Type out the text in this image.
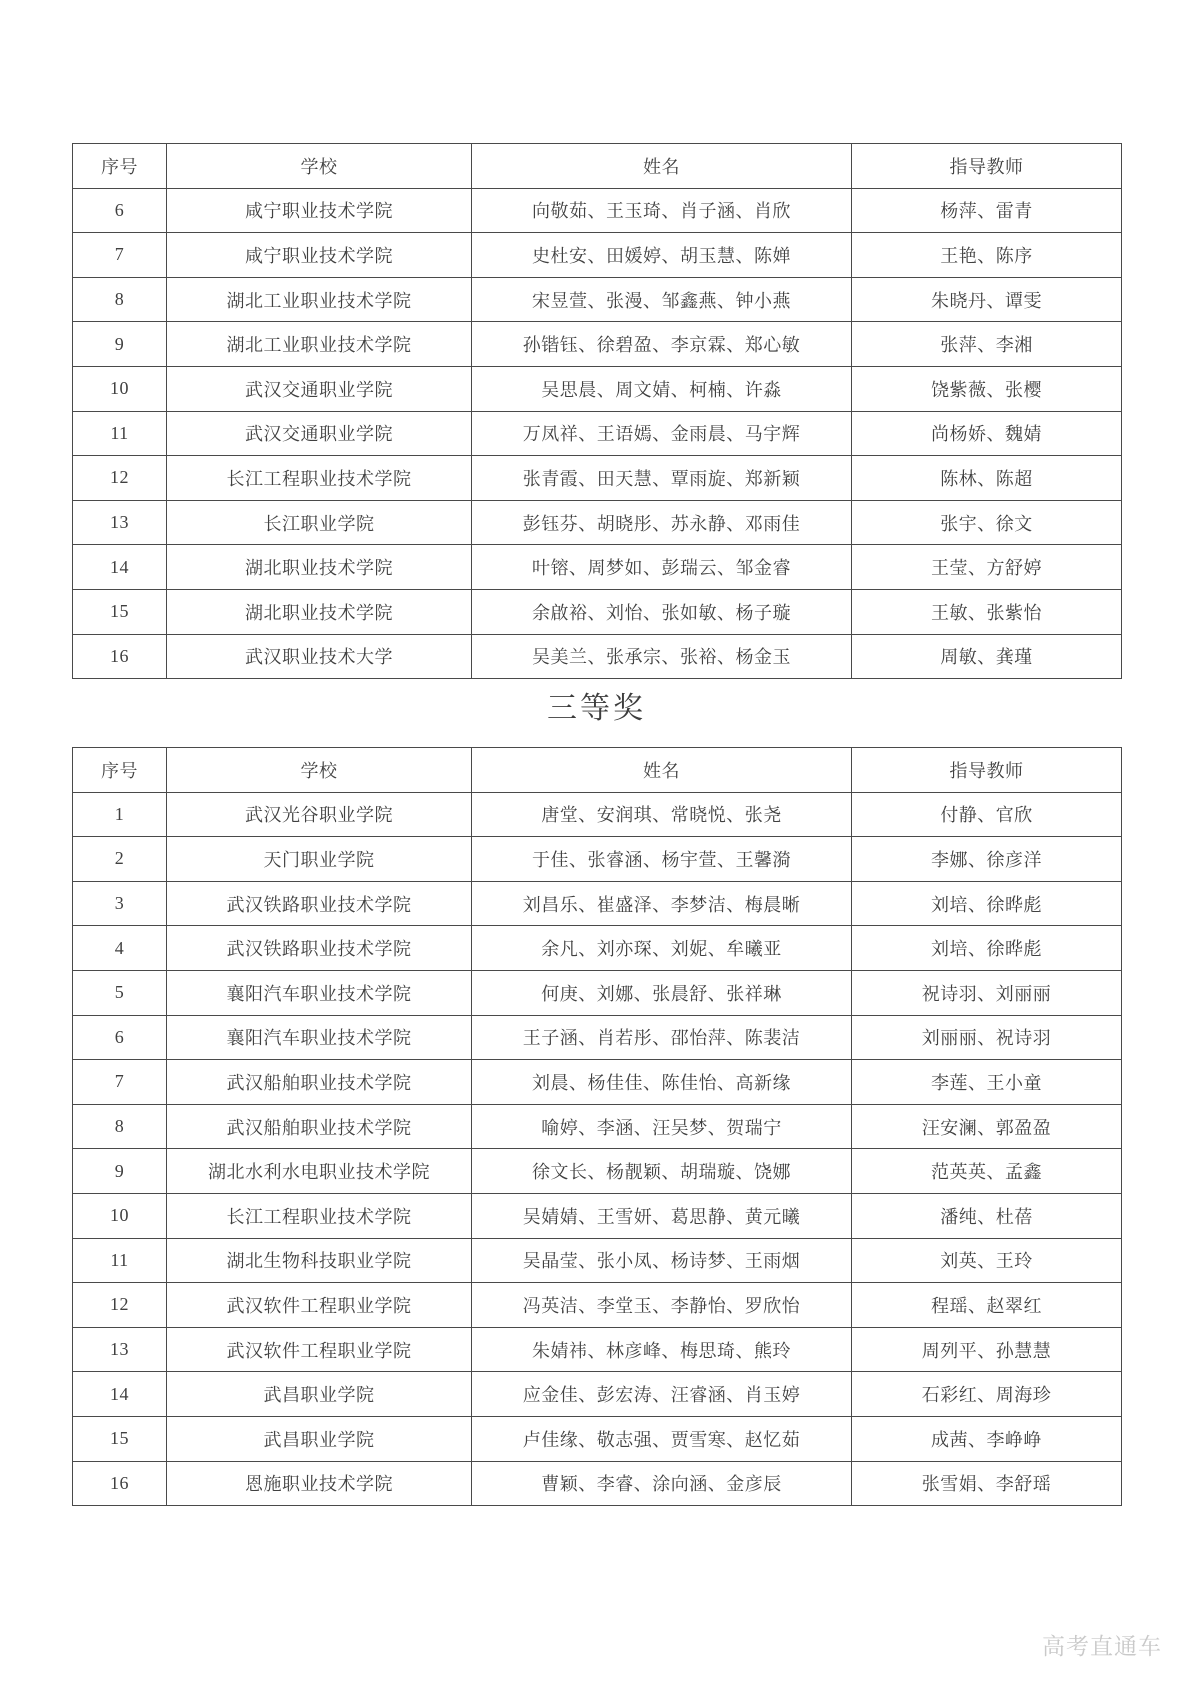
序号	学校	姓名	指导教师
6	咸宁职业技术学院	向敬茹、王玉琦、肖子涵、肖欣	杨萍、雷青
7	咸宁职业技术学院	史杜安、田媛婷、胡玉慧、陈婵	王艳、陈序
8	湖北工业职业技术学院	宋昱萱、张漫、邹鑫燕、钟小燕	朱晓丹、谭雯
9	湖北工业职业技术学院	孙锴钰、徐碧盈、李京霖、郑心敏	张萍、李湘
10	武汉交通职业学院	吴思晨、周文婧、柯楠、许淼	饶紫薇、张樱
11	武汉交通职业学院	万凤祥、王语嫣、金雨晨、马宇辉	尚杨娇、魏婧
12	长江工程职业技术学院	张青霞、田天慧、覃雨旋、郑新颖	陈林、陈超
13	长江职业学院	彭钰芬、胡晓彤、苏永静、邓雨佳	张宇、徐文
14	湖北职业技术学院	叶镕、周梦如、彭瑞云、邹金睿	王莹、方舒婷
15	湖北职业技术学院	余啟裕、刘怡、张如敏、杨子璇	王敏、张紫怡
16	武汉职业技术大学	吴美兰、张承宗、张裕、杨金玉	周敏、龚瑾
三等奖
序号	学校	姓名	指导教师
1	武汉光谷职业学院	唐堂、安润琪、常晓悦、张尧	付静、官欣
2	天门职业学院	于佳、张睿涵、杨宇萱、王馨漪	李娜、徐彦洋
3	武汉铁路职业技术学院	刘昌乐、崔盛泽、李梦洁、梅晨晰	刘培、徐晔彪
4	武汉铁路职业技术学院	余凡、刘亦琛、刘妮、牟曦亚	刘培、徐晔彪
5	襄阳汽车职业技术学院	何庚、刘娜、张晨舒、张祥琳	祝诗羽、刘丽丽
6	襄阳汽车职业技术学院	王子涵、肖若彤、邵怡萍、陈裴洁	刘丽丽、祝诗羽
7	武汉船舶职业技术学院	刘晨、杨佳佳、陈佳怡、高新缘	李莲、王小童
8	武汉船舶职业技术学院	喻婷、李涵、汪吴梦、贺瑞宁	汪安澜、郭盈盈
9	湖北水利水电职业技术学院	徐文长、杨靓颖、胡瑞璇、饶娜	范英英、孟鑫
10	长江工程职业技术学院	吴婧婧、王雪妍、葛思静、黄元曦	潘纯、杜蓓
11	湖北生物科技职业学院	吴晶莹、张小凤、杨诗梦、王雨烟	刘英、王玲
12	武汉软件工程职业学院	冯英洁、李堂玉、李静怡、罗欣怡	程瑶、赵翠红
13	武汉软件工程职业学院	朱婧祎、林彦峰、梅思琦、熊玲	周列平、孙慧慧
14	武昌职业学院	应金佳、彭宏涛、汪睿涵、肖玉婷	石彩红、周海珍
15	武昌职业学院	卢佳缘、敬志强、贾雪寒、赵忆茹	成茜、李峥峥
16	恩施职业技术学院	曹颖、李睿、涂向涵、金彦辰	张雪娟、李舒瑶
高考直通车
